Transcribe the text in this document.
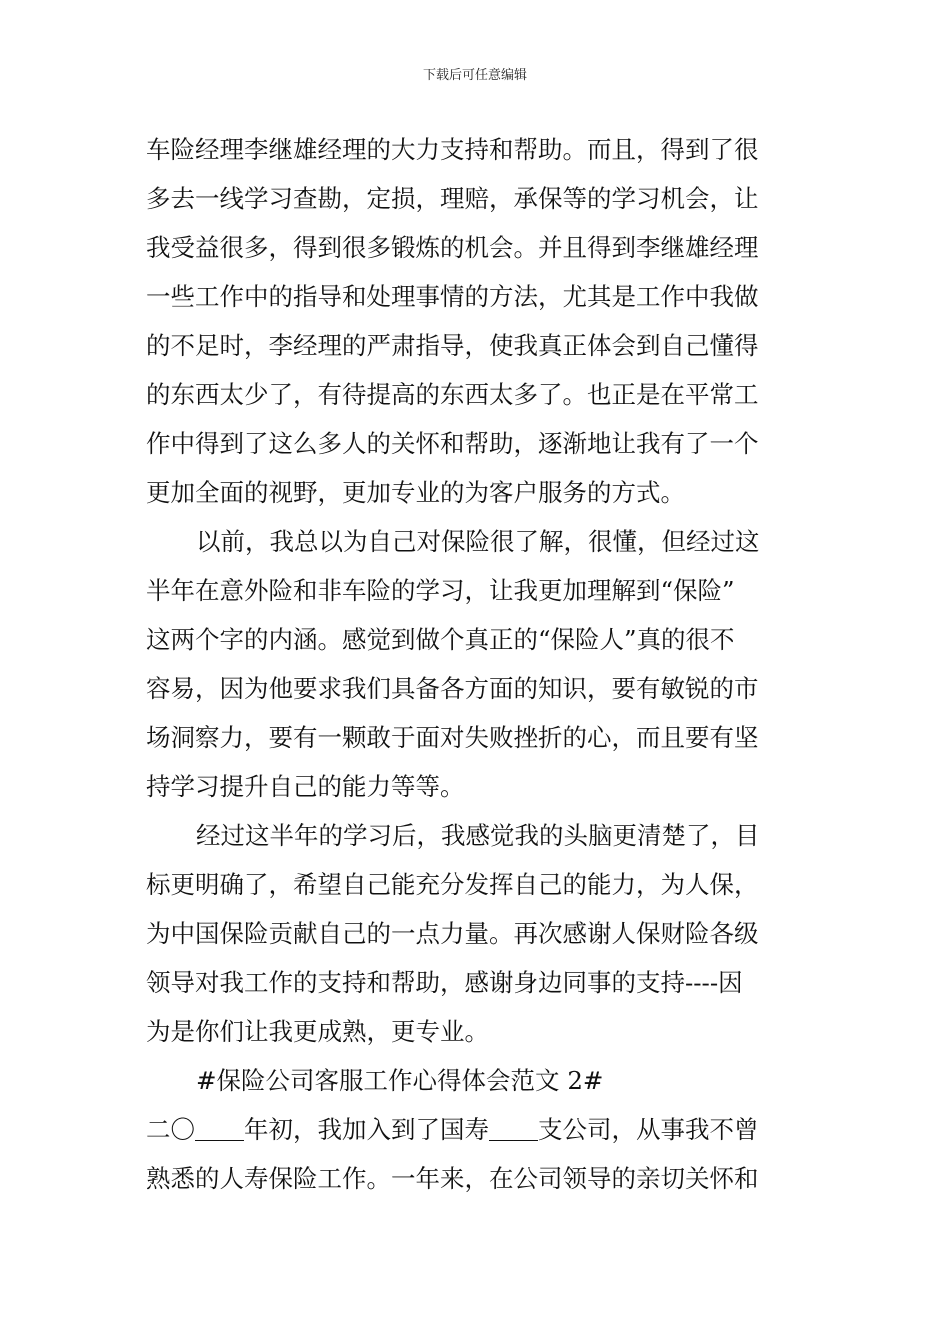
下载后可任意编辑
车险经理李继雄经理的大力支持和帮助。而且，得到了很
多去一线学习查勘，定损，理赔，承保等的学习机会，让
我受益很多，得到很多锻炼的机会。并且得到李继雄经理
一些工作中的指导和处理事情的方法，尤其是工作中我做
的不足时，李经理的严肃指导，使我真正体会到自己懂得
的东西太少了，有待提高的东西太多了。也正是在平常工
作中得到了这么多人的关怀和帮助，逐渐地让我有了一个
更加全面的视野，更加专业的为客户服务的方式。
以前，我总以为自己对保险很了解，很懂，但经过这
半年在意外险和非车险的学习，让我更加理解到“保险”
这两个字的内涵。感觉到做个真正的“保险人”真的很不
容易，因为他要求我们具备各方面的知识，要有敏锐的市
场洞察力，要有一颗敢于面对失败挫折的心，而且要有坚
持学习提升自己的能力等等。
经过这半年的学习后，我感觉我的头脑更清楚了，目
标更明确了，希望自己能充分发挥自己的能力，为人保，
为中国保险贡献自己的一点力量。再次感谢人保财险各级
领导对我工作的支持和帮助，感谢身边同事的支持----因
为是你们让我更成熟，更专业。
#保险公司客服工作心得体会范文 2#
二〇＿＿年初，我加入到了国寿＿＿支公司，从事我不曾
熟悉的人寿保险工作。一年来，在公司领导的亲切关怀和
